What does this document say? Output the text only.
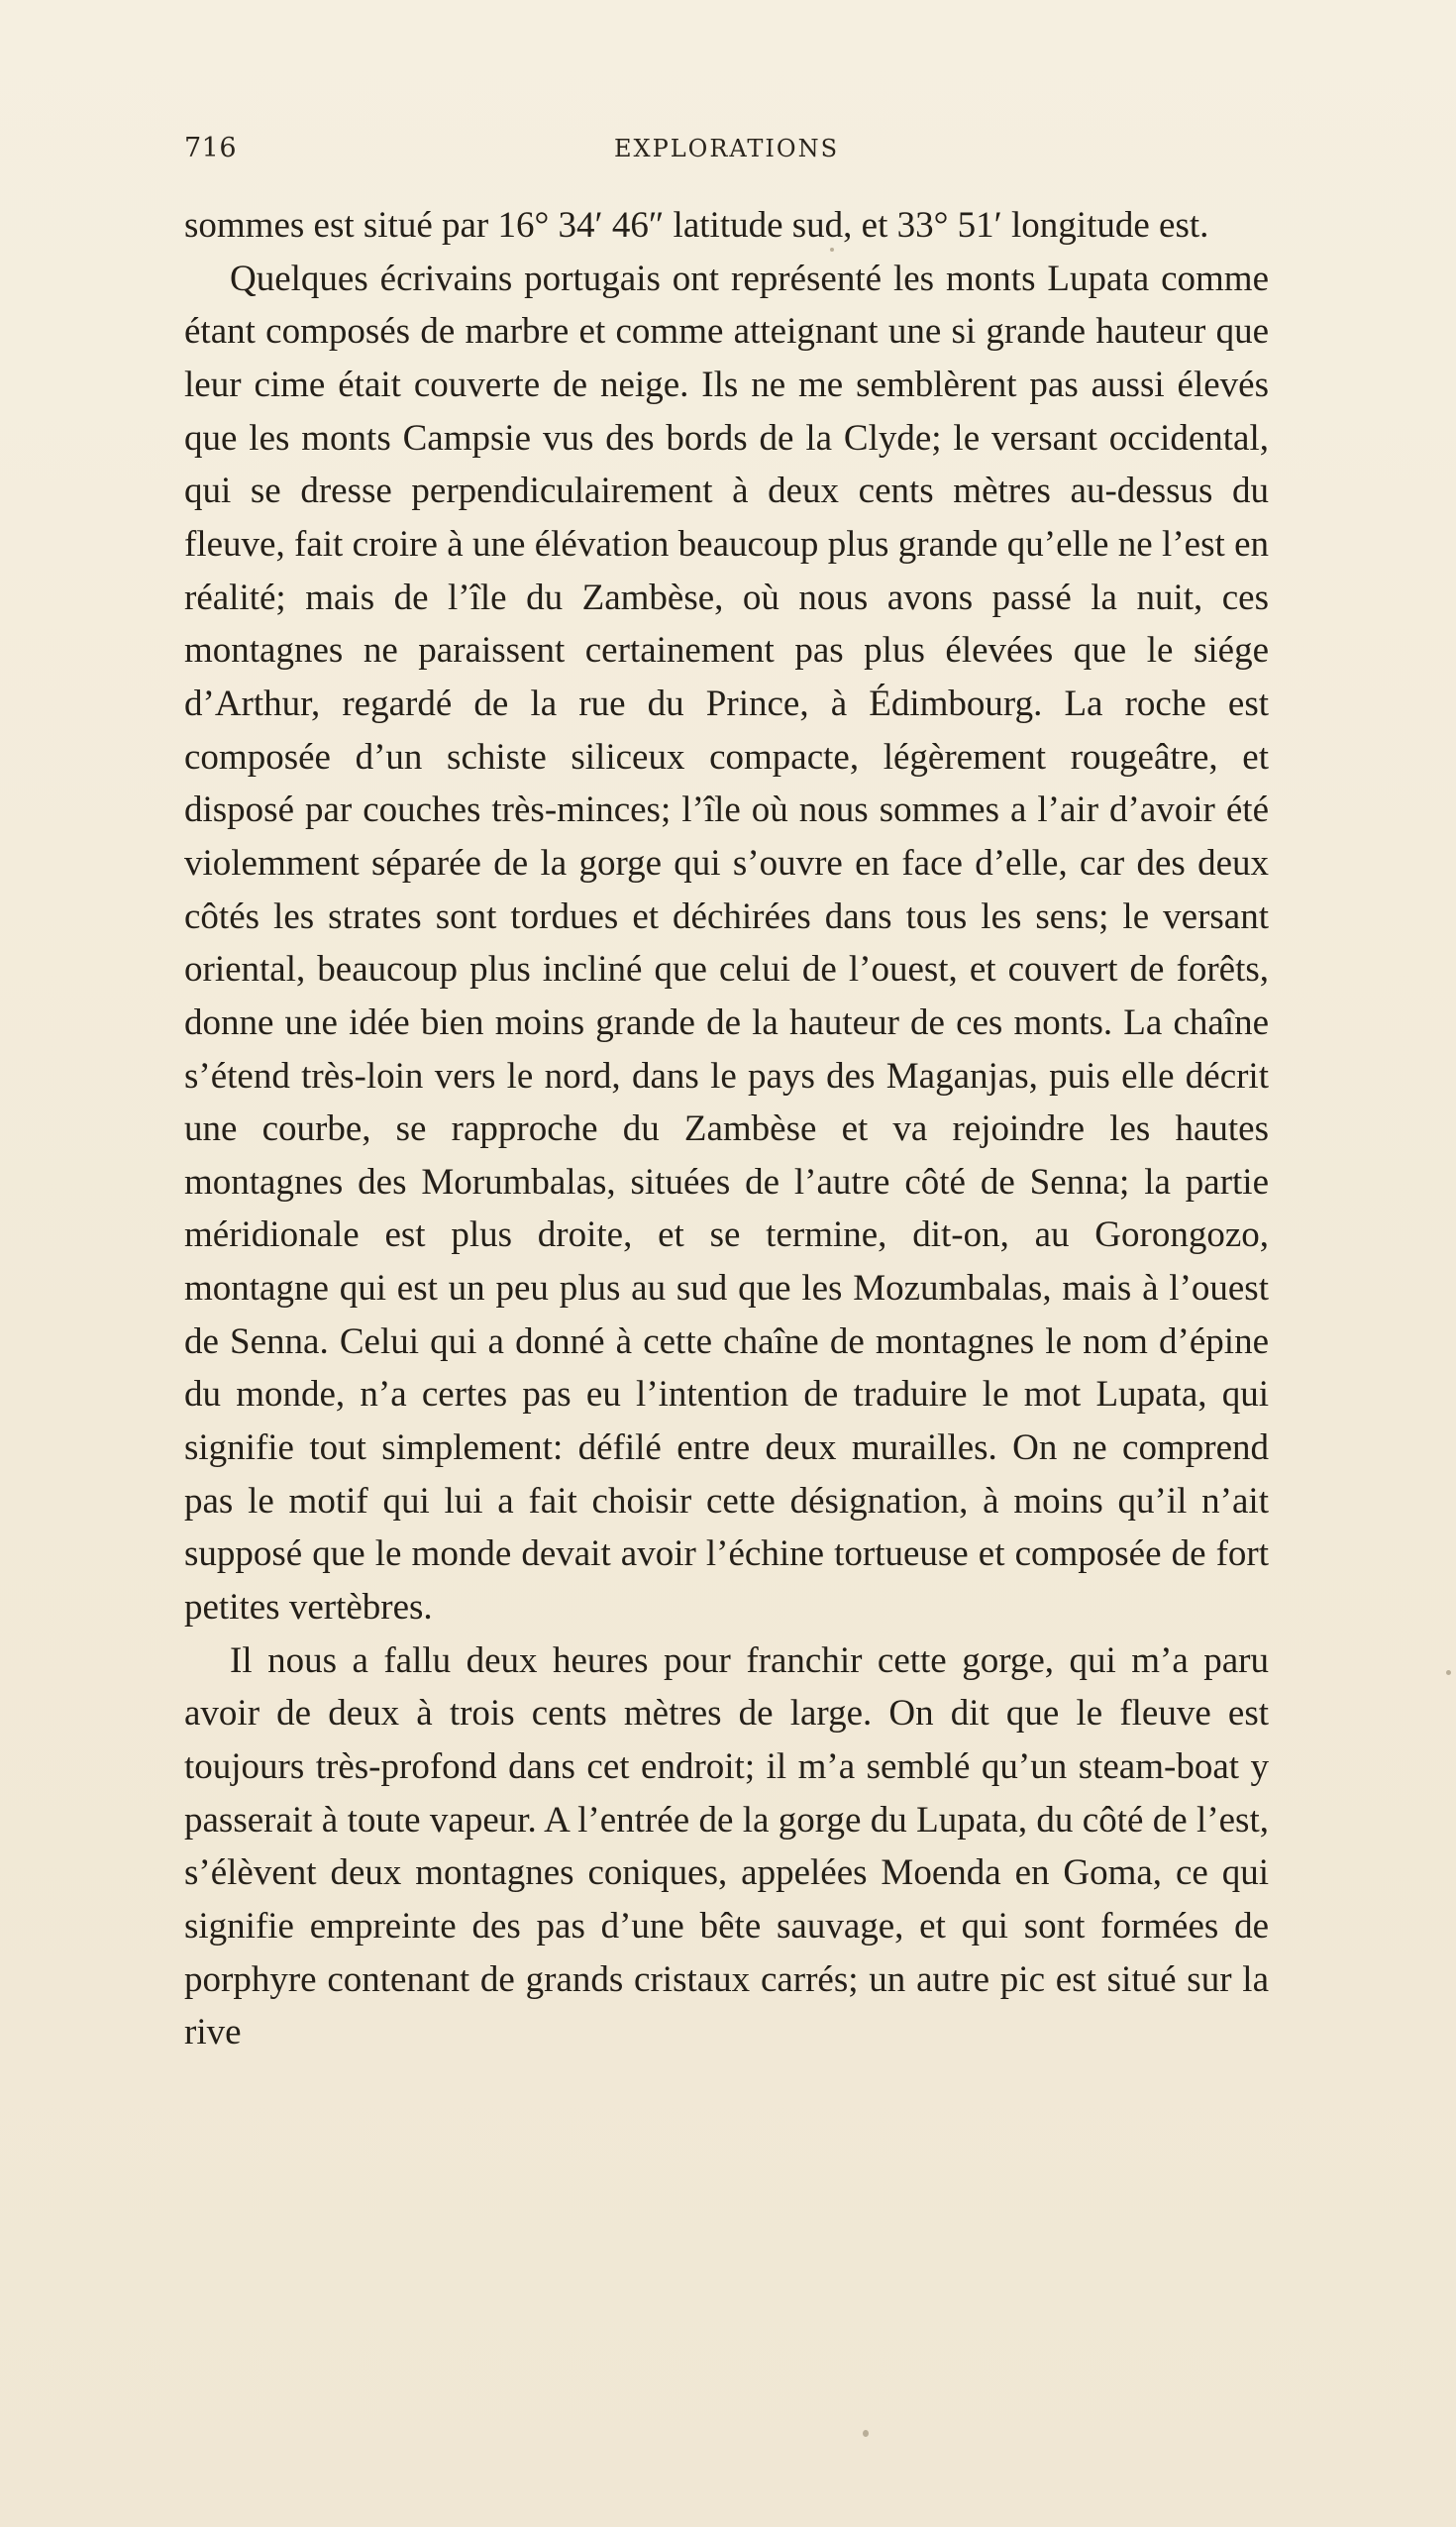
716	EXPLORATIONS

sommes est situé par 16° 34′ 46″ latitude sud, et 33° 51′ longitude est.

Quelques écrivains portugais ont représenté les monts Lupata comme étant composés de marbre et comme atteignant une si grande hauteur que leur cime était couverte de neige. Ils ne me semblèrent pas aussi élevés que les monts Campsie vus des bords de la Clyde; le versant occidental, qui se dresse perpendiculairement à deux cents mètres au-dessus du fleuve, fait croire à une élévation beaucoup plus grande qu’elle ne l’est en réalité; mais de l’île du Zambèse, où nous avons passé la nuit, ces montagnes ne paraissent certainement pas plus élevées que le siége d’Arthur, regardé de la rue du Prince, à Édimbourg. La roche est composée d’un schiste siliceux compacte, légèrement rougeâtre, et disposé par couches très-minces; l’île où nous sommes a l’air d’avoir été violemment séparée de la gorge qui s’ouvre en face d’elle, car des deux côtés les strates sont tordues et déchirées dans tous les sens; le versant oriental, beaucoup plus incliné que celui de l’ouest, et couvert de forêts, donne une idée bien moins grande de la hauteur de ces monts. La chaîne s’étend très-loin vers le nord, dans le pays des Maganjas, puis elle décrit une courbe, se rapproche du Zambèse et va rejoindre les hautes montagnes des Morumbalas, situées de l’autre côté de Senna; la partie méridionale est plus droite, et se termine, dit-on, au Gorongozo, montagne qui est un peu plus au sud que les Mozumbalas, mais à l’ouest de Senna. Celui qui a donné à cette chaîne de montagnes le nom d’épine du monde, n’a certes pas eu l’intention de traduire le mot Lupata, qui signifie tout simplement: défilé entre deux murailles. On ne comprend pas le motif qui lui a fait choisir cette désignation, à moins qu’il n’ait supposé que le monde devait avoir l’échine tortueuse et composée de fort petites vertèbres.

Il nous a fallu deux heures pour franchir cette gorge, qui m’a paru avoir de deux à trois cents mètres de large. On dit que le fleuve est toujours très-profond dans cet endroit; il m’a semblé qu’un steam-boat y passerait à toute vapeur. A l’entrée de la gorge du Lupata, du côté de l’est, s’élèvent deux montagnes coniques, appelées Moenda en Goma, ce qui signifie empreinte des pas d’une bête sauvage, et qui sont formées de porphyre contenant de grands cristaux carrés; un autre pic est situé sur la rive
